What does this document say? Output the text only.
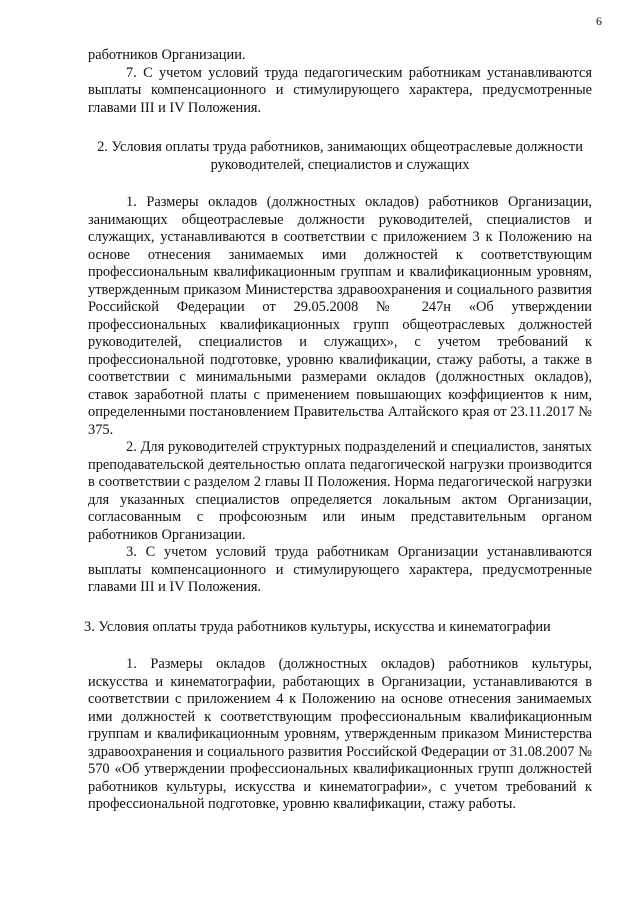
6

работников Организации.

7. С учетом условий труда педагогическим работникам устанавливаются выплаты компенсационного и стимулирующего характера, предусмотренные главами III и IV Положения.

2. Условия оплаты труда работников, занимающих общеотраслевые должности руководителей, специалистов и служащих

1. Размеры окладов (должностных окладов) работников Организации, занимающих общеотраслевые должности руководителей, специалистов и служащих, устанавливаются в соответствии с приложением 3 к Положению на основе отнесения занимаемых ими должностей к соответствующим профессиональным квалификационным группам и квалификационным уровням, утвержденным приказом Министерства здравоохранения и социального развития Российской Федерации от 29.05.2008 № 247н «Об утверждении профессиональных квалификационных групп общеотраслевых должностей руководителей, специалистов и служащих», с учетом требований к профессиональной подготовке, уровню квалификации, стажу работы, а также в соответствии с минимальными размерами окладов (должностных окладов), ставок заработной платы с применением повышающих коэффициентов к ним, определенными постановлением Правительства Алтайского края от 23.11.2017 № 375.

2. Для руководителей структурных подразделений и специалистов, занятых преподавательской деятельностью оплата педагогической нагрузки производится в соответствии с разделом 2 главы II Положения. Норма педагогической нагрузки для указанных специалистов определяется локальным актом Организации, согласованным с профсоюзным или иным представительным органом работников Организации.

3. С учетом условий труда работникам Организации устанавливаются выплаты компенсационного и стимулирующего характера, предусмотренные главами III и IV Положения.

3. Условия оплаты труда работников культуры, искусства и кинематографии

1. Размеры окладов (должностных окладов) работников культуры, искусства и кинематографии, работающих в Организации, устанавливаются в соответствии с приложением 4 к Положению на основе отнесения занимаемых ими должностей к соответствующим профессиональным квалификационным группам и квалификационным уровням, утвержденным приказом Министерства здравоохранения и социального развития Российской Федерации от 31.08.2007 № 570 «Об утверждении профессиональных квалификационных групп должностей работников культуры, искусства и кинематографии», с учетом требований к профессиональной подготовке, уровню квалификации, стажу работы.
